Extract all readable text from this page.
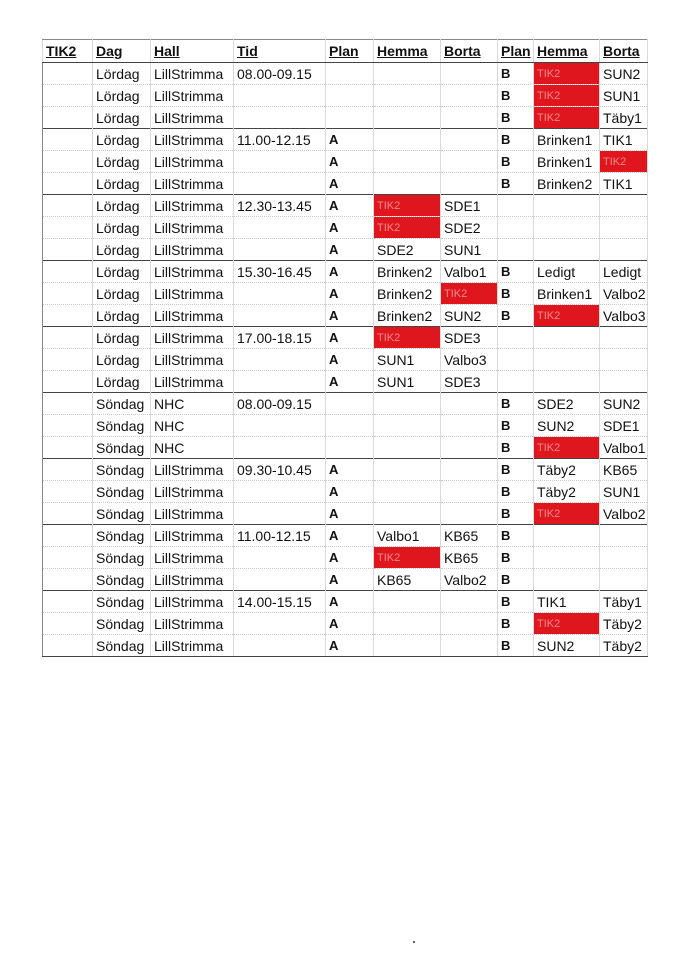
TIK2	Dag	Hall	Tid	Plan	Hemma	Borta	Plan	Hemma	Borta
	Lördag	LillStrimma	08.00-09.15				B	TIK2	SUN2
	Lördag	LillStrimma					B	TIK2	SUN1
	Lördag	LillStrimma					B	TIK2	Täby1
	Lördag	LillStrimma	11.00-12.15	A			B	Brinken1	TIK1
	Lördag	LillStrimma		A			B	Brinken1	TIK2
	Lördag	LillStrimma		A			B	Brinken2	TIK1
	Lördag	LillStrimma	12.30-13.45	A	TIK2	SDE1			
	Lördag	LillStrimma		A	TIK2	SDE2			
	Lördag	LillStrimma		A	SDE2	SUN1			
	Lördag	LillStrimma	15.30-16.45	A	Brinken2	Valbo1	B	Ledigt	Ledigt
	Lördag	LillStrimma		A	Brinken2	TIK2	B	Brinken1	Valbo2
	Lördag	LillStrimma		A	Brinken2	SUN2	B	TIK2	Valbo3
	Lördag	LillStrimma	17.00-18.15	A	TIK2	SDE3			
	Lördag	LillStrimma		A	SUN1	Valbo3			
	Lördag	LillStrimma		A	SUN1	SDE3			
	Söndag	NHC	08.00-09.15				B	SDE2	SUN2
	Söndag	NHC					B	SUN2	SDE1
	Söndag	NHC					B	TIK2	Valbo1
	Söndag	LillStrimma	09.30-10.45	A			B	Täby2	KB65
	Söndag	LillStrimma		A			B	Täby2	SUN1
	Söndag	LillStrimma		A			B	TIK2	Valbo2
	Söndag	LillStrimma	11.00-12.15	A	Valbo1	KB65	B		
	Söndag	LillStrimma		A	TIK2	KB65	B		
	Söndag	LillStrimma		A	KB65	Valbo2	B		
	Söndag	LillStrimma	14.00-15.15	A			B	TIK1	Täby1
	Söndag	LillStrimma		A			B	TIK2	Täby2
	Söndag	LillStrimma		A			B	SUN2	Täby2
